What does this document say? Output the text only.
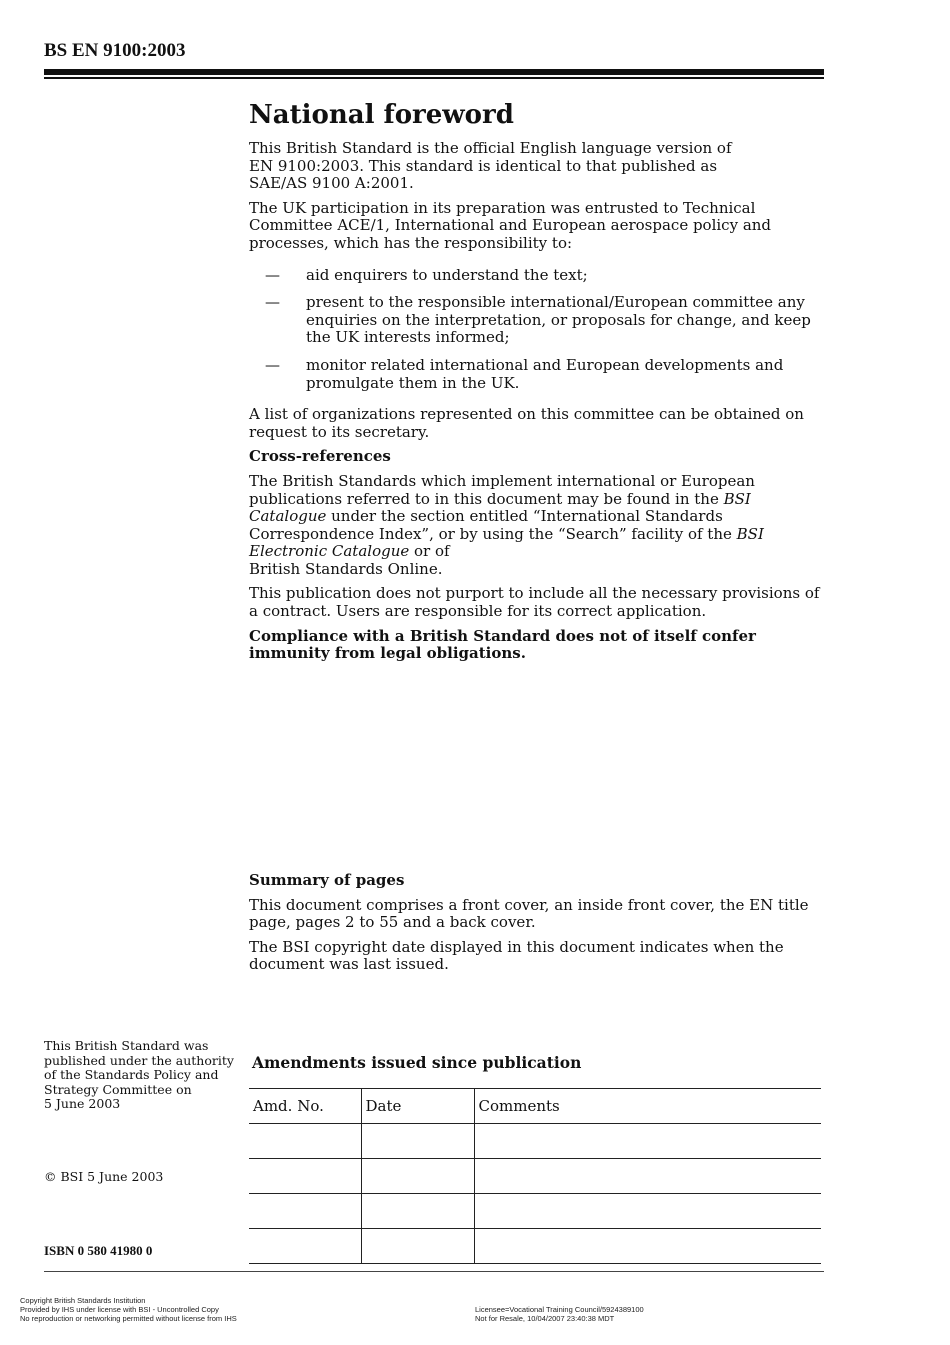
BS EN 9100:2003
National foreword

This British Standard is the official English language version of
EN 9100:2003. This standard is identical to that published as
SAE/AS 9100 A:2001.

The UK participation in its preparation was entrusted to Technical Committee ACE/1, International and European aerospace policy and processes, which has the responsibility to:

— aid enquirers to understand the text;
— present to the responsible international/European committee any enquiries on the interpretation, or proposals for change, and keep the UK interests informed;
— monitor related international and European developments and promulgate them in the UK.

A list of organizations represented on this committee can be obtained on request to its secretary.

Cross-references

The British Standards which implement international or European publications referred to in this document may be found in the BSI Catalogue under the section entitled “International Standards Correspondence Index”, or by using the “Search” facility of the BSI Electronic Catalogue or of
British Standards Online.

This publication does not purport to include all the necessary provisions of a contract. Users are responsible for its correct application.

Compliance with a British Standard does not of itself confer immunity from legal obligations.

Summary of pages

This document comprises a front cover, an inside front cover, the EN title page, pages 2 to 55 and a back cover.

The BSI copyright date displayed in this document indicates when the document was last issued.

This British Standard was
published under the authority
of the Standards Policy and
Strategy Committee on
5 June 2003
© BSI 5 June 2003
ISBN 0 580 41980 0
Amendments issued since publication
Amd. No.	Date	Comments

Copyright British Standards Institution
Provided by IHS under license with BSI - Uncontrolled Copy
No reproduction or networking permitted without license from IHS
Licensee=Vocational Training Council/5924389100
Not for Resale, 10/04/2007 23:40:38 MDT
